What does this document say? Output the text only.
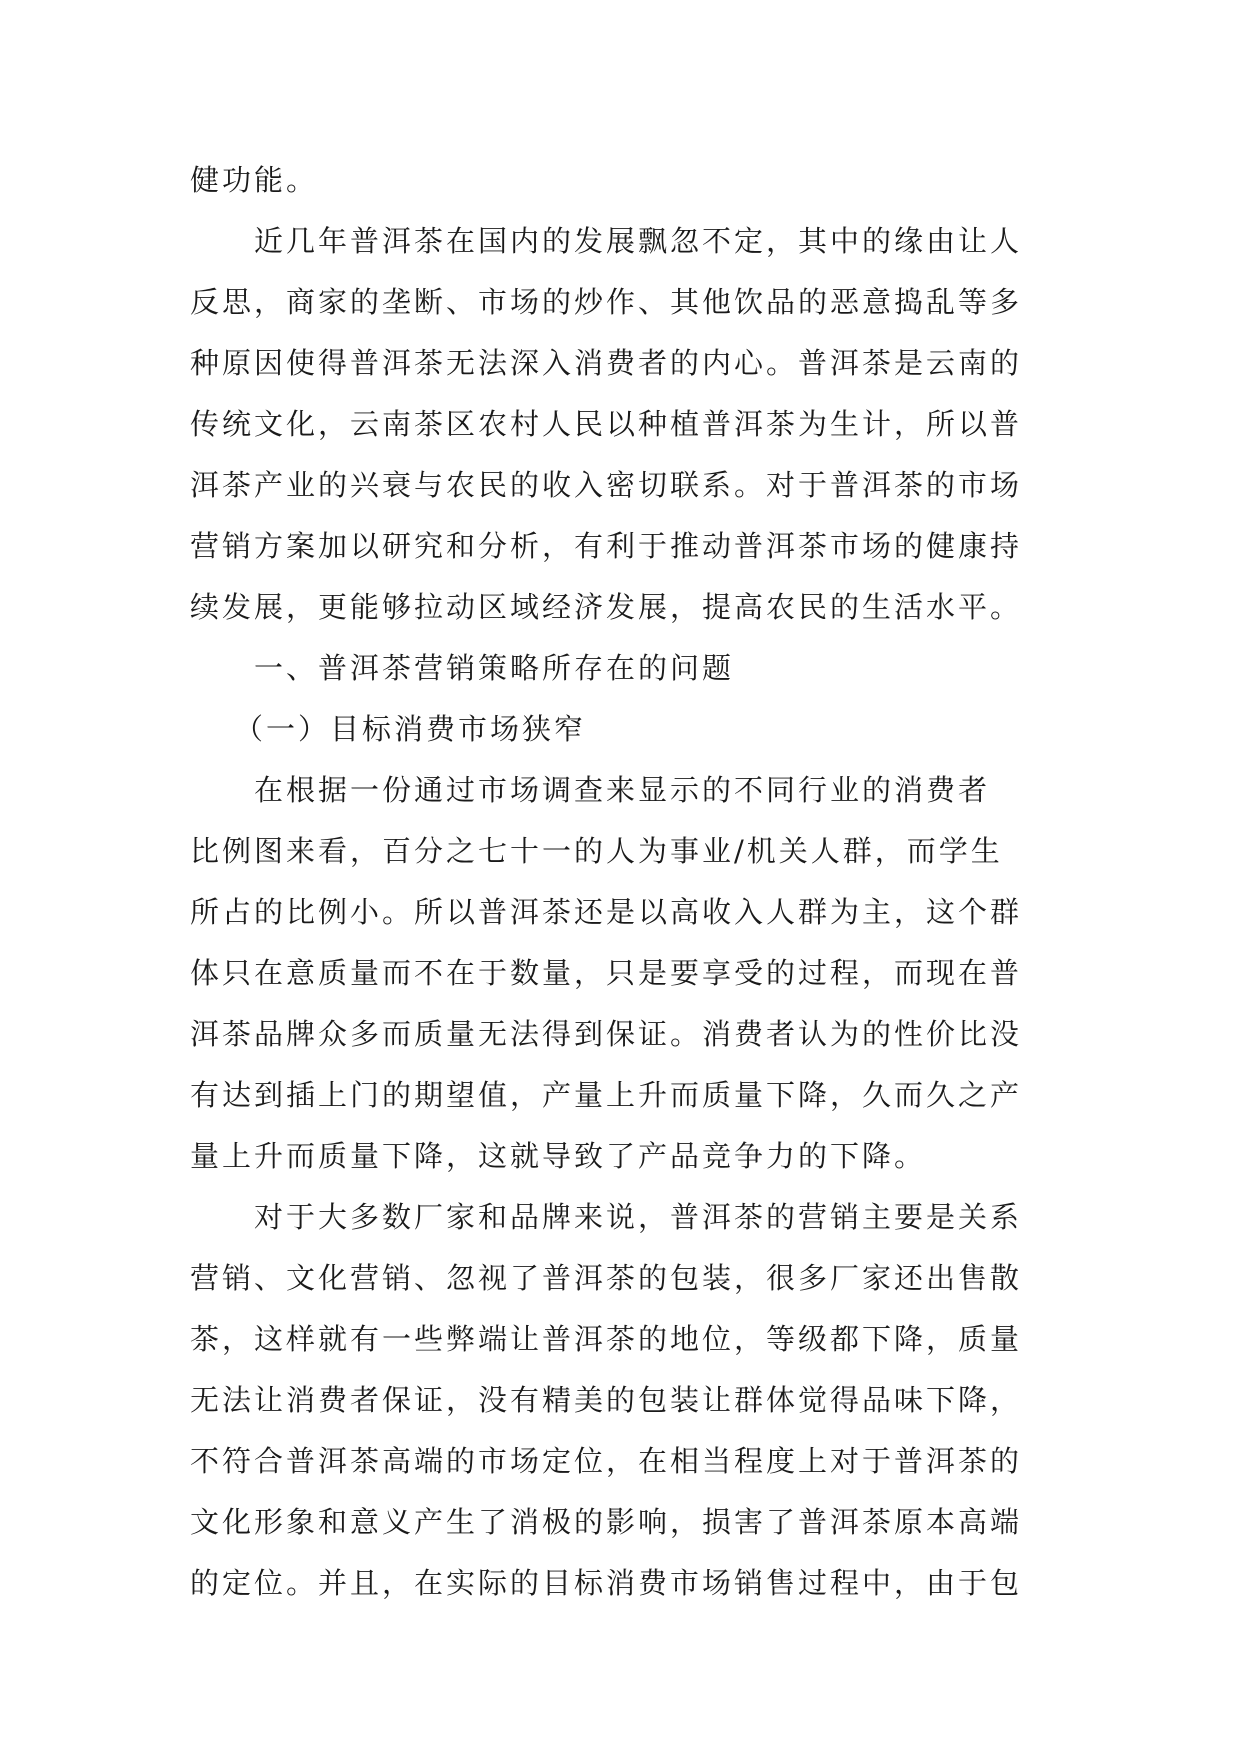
健功能。
近几年普洱茶在国内的发展飘忽不定，其中的缘由让人
反思，商家的垄断、市场的炒作、其他饮品的恶意捣乱等多
种原因使得普洱茶无法深入消费者的内心。普洱茶是云南的
传统文化，云南茶区农村人民以种植普洱茶为生计，所以普
洱茶产业的兴衰与农民的收入密切联系。对于普洱茶的市场
营销方案加以研究和分析，有利于推动普洱茶市场的健康持
续发展，更能够拉动区域经济发展，提高农民的生活水平。
一、普洱茶营销策略所存在的问题
（一）目标消费市场狭窄
在根据一份通过市场调查来显示的不同行业的消费者
比例图来看，百分之七十一的人为事业/机关人群，而学生
所占的比例小。所以普洱茶还是以高收入人群为主，这个群
体只在意质量而不在于数量，只是要享受的过程，而现在普
洱茶品牌众多而质量无法得到保证。消费者认为的性价比没
有达到插上门的期望值，产量上升而质量下降，久而久之产
量上升而质量下降，这就导致了产品竞争力的下降。
对于大多数厂家和品牌来说，普洱茶的营销主要是关系
营销、文化营销、忽视了普洱茶的包装，很多厂家还出售散
茶，这样就有一些弊端让普洱茶的地位，等级都下降，质量
无法让消费者保证，没有精美的包装让群体觉得品味下降，
不符合普洱茶高端的市场定位，在相当程度上对于普洱茶的
文化形象和意义产生了消极的影响，损害了普洱茶原本高端
的定位。并且，在实际的目标消费市场销售过程中，由于包
